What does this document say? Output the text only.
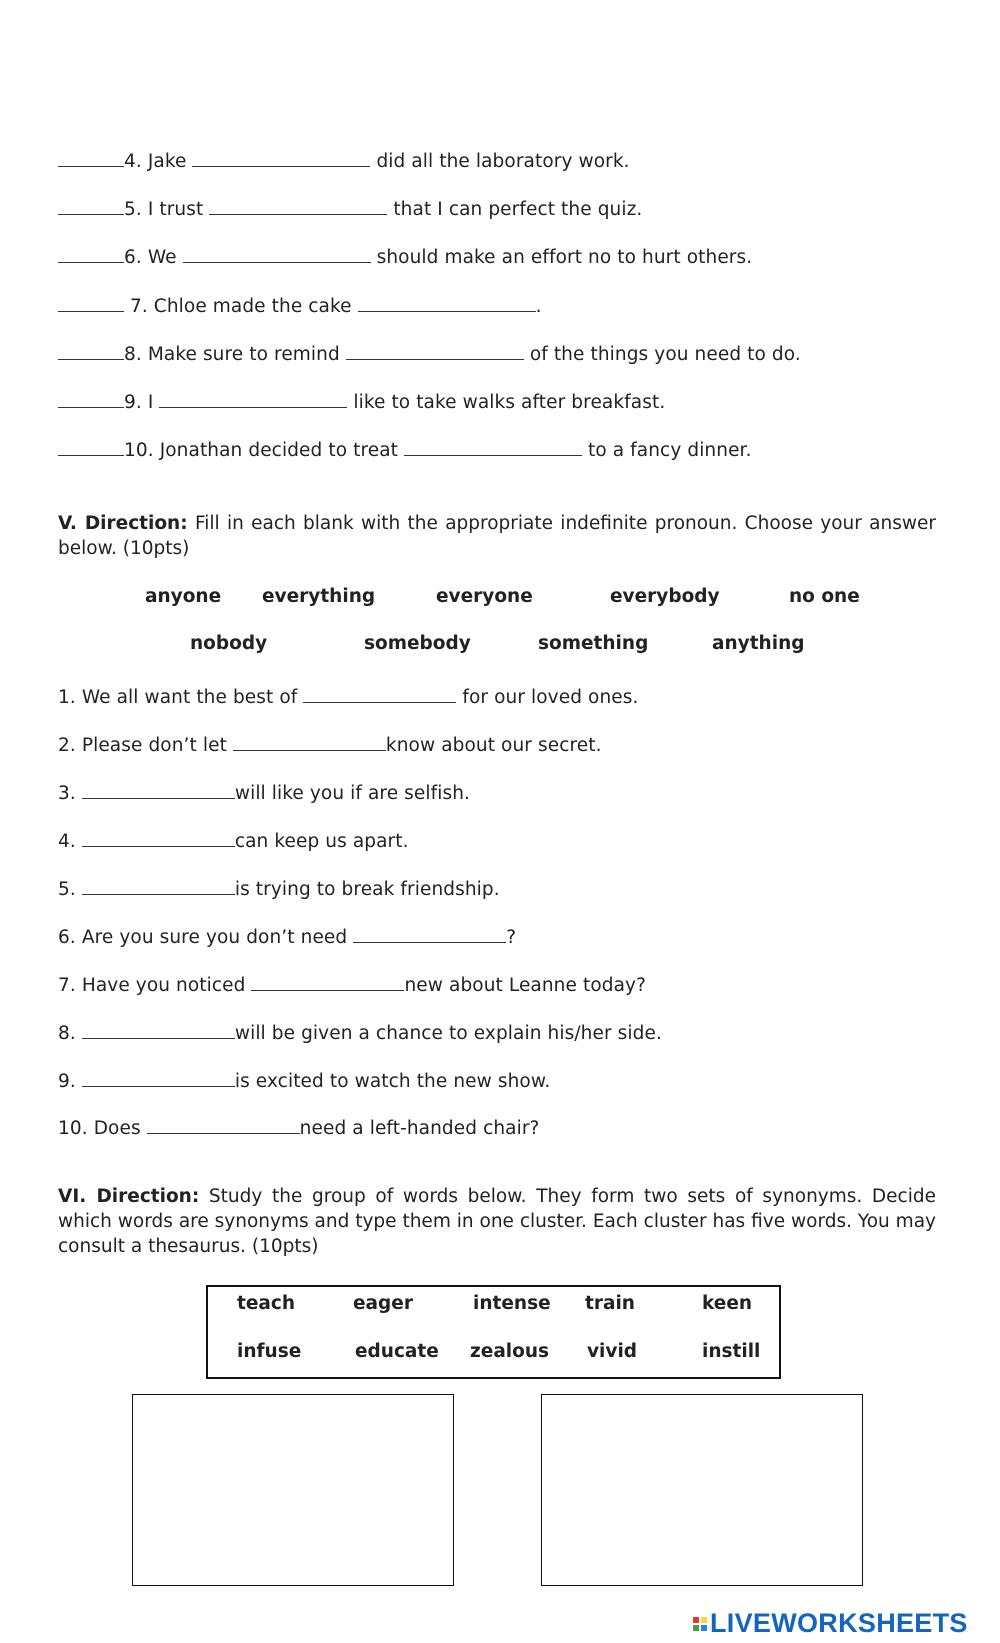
4. Jake	did all the laboratory work.
5. I trust	that I can perfect the quiz.
6. We	should make an effort no to hurt others.
7. Chloe made the cake	.
8. Make sure to remind	of the things you need to do.
9. I	like to take walks after breakfast.
10. Jonathan decided to treat	to a fancy dinner.
V. Direction: Fill in each blank with the appropriate indefinite pronoun. Choose your answer below. (10pts)
anyone everything	everyone	everybody	no one
nobody	somebody	something	anything
1. We all want the best of	for our loved ones.
2. Please don’t let	know about our secret.
3.	will like you if are selfish.
4.	can keep us apart.
5.	is trying to break friendship.
6. Are you sure you don’t need	?
7. Have you noticed	new about Leanne today?
8.	will be given a chance to explain his/her side.
9.	is excited to watch the new show.
10. Does	need a left-handed chair?
VI. Direction: Study the group of words below. They form two sets of synonyms. Decide which words are synonyms and type them in one cluster. Each cluster has five words. You may consult a thesaurus. (10pts)
teach	eager	intense train	keen
infuse	educate zealous vivid	instill
LIVEWORKSHEETS
